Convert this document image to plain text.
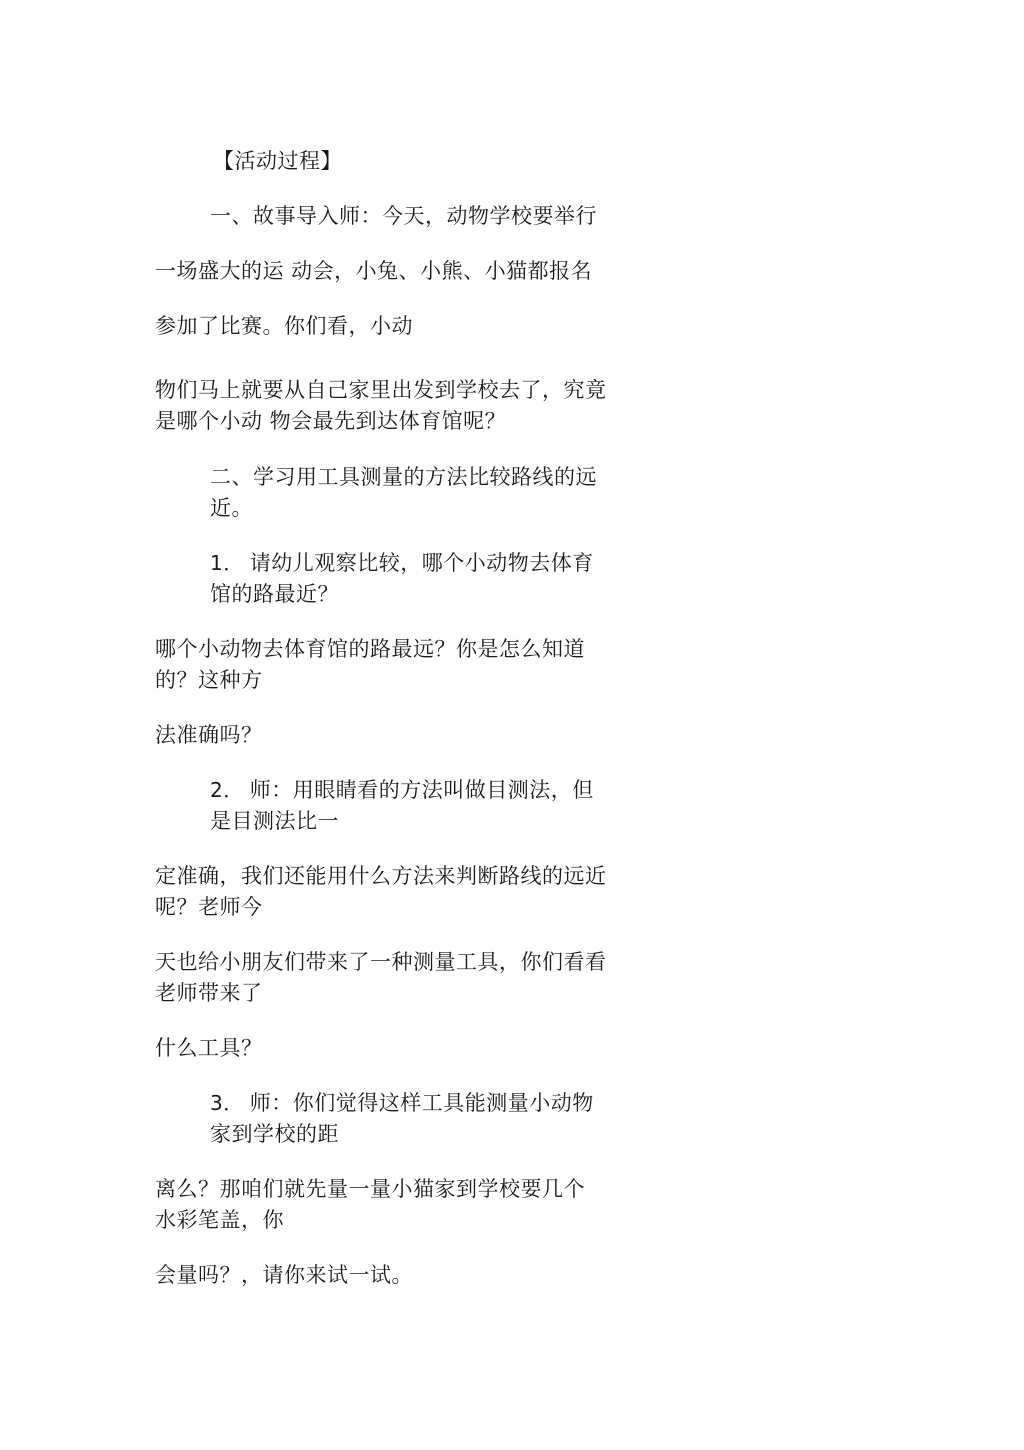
【活动过程】
一、故事导入师：今天，动物学校要举行
一场盛大的运 动会，小兔、小熊、小猫都报名
参加了比赛。你们看，小动
物们马上就要从自己家里出发到学校去了，究竟
是哪个小动 物会最先到达体育馆呢？
二、学习用工具测量的方法比较路线的远
近。
1． 请幼儿观察比较，哪个小动物去体育
馆的路最近？
哪个小动物去体育馆的路最远？你是怎么知道
的？这种方
法准确吗？
2． 师：用眼睛看的方法叫做目测法，但
是目测法比一
定准确，我们还能用什么方法来判断路线的远近
呢？老师今
天也给小朋友们带来了一种测量工具，你们看看
老师带来了
什么工具？
3． 师：你们觉得这样工具能测量小动物
家到学校的距
离么？那咱们就先量一量小猫家到学校要几个
水彩笔盖，你
会量吗？，请你来试一试。
